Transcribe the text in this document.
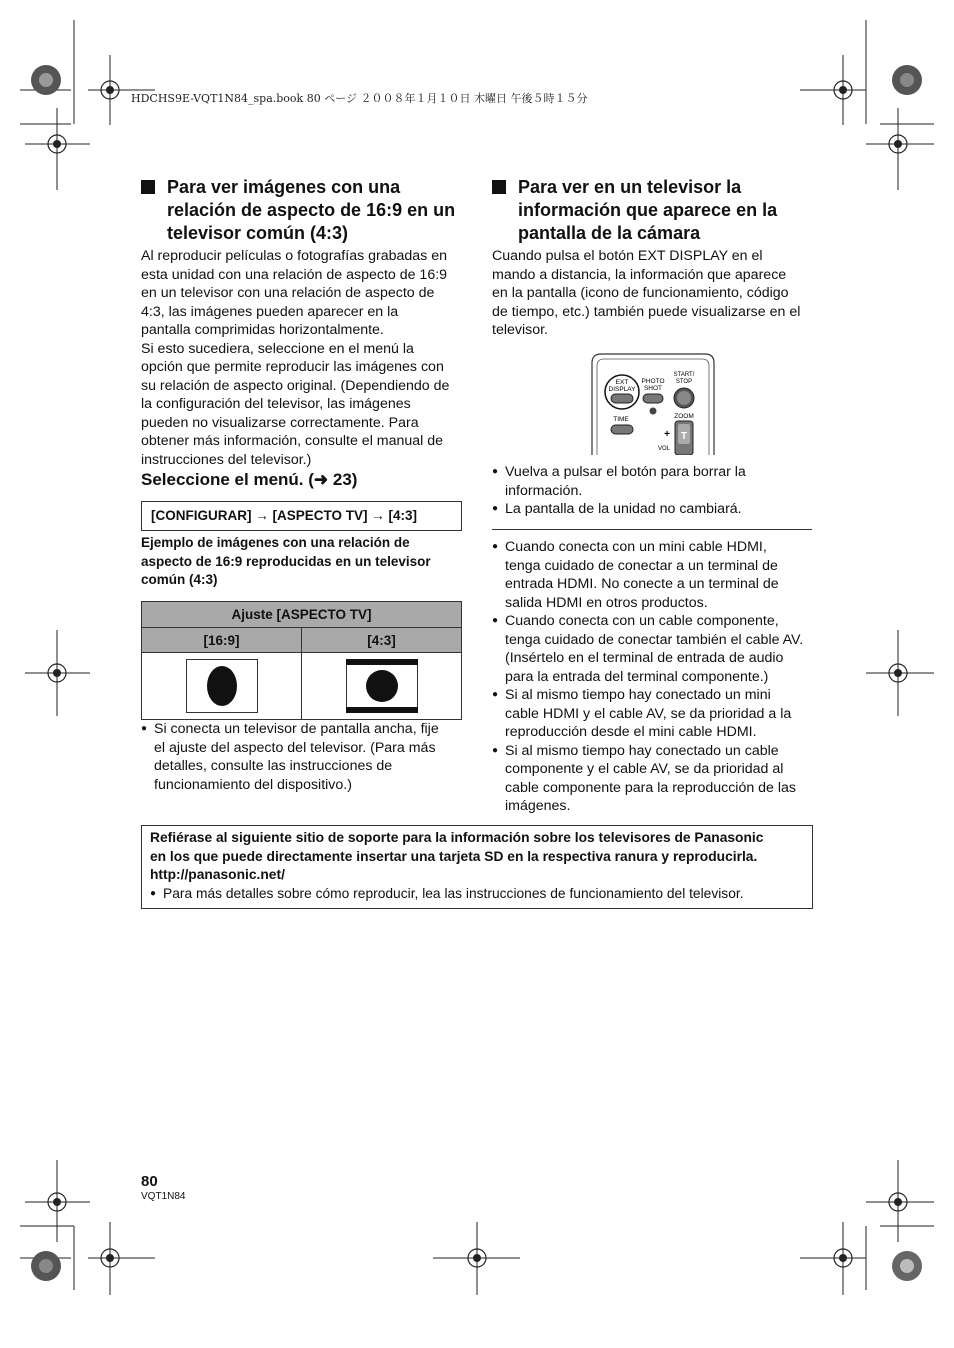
HDCHS9E-VQT1N84_spa.book 80 ページ ２００８年１月１０日 木曜日 午後５時１５分
Para ver imágenes con una
relación de aspecto de 16:9 en un
televisor común (4:3)
Al reproducir películas o fotografías grabadas en
esta unidad con una relación de aspecto de 16:9
en un televisor con una relación de aspecto de
4:3, las imágenes pueden aparecer en la
pantalla comprimidas horizontalmente.
Si esto sucediera, seleccione en el menú la
opción que permite reproducir las imágenes con
su relación de aspecto original. (Dependiendo de
la configuración del televisor, las imágenes
pueden no visualizarse correctamente. Para
obtener más información, consulte el manual de
instrucciones del televisor.)
Seleccione el menú. (➜ 23)
[CONFIGURAR] → [ASPECTO TV] → [4:3]
Ejemplo de imágenes con una relación de
aspecto de 16:9 reproducidas en un televisor
común (4:3)
Ajuste [ASPECTO TV]	
[16:9]	[4:3]

● Si conecta un televisor de pantalla ancha, fije
el ajuste del aspecto del televisor. (Para más
detalles, consulte las instrucciones de
funcionamiento del dispositivo.)
Para ver en un televisor la
información que aparece en la
pantalla de la cámara
Cuando pulsa el botón EXT DISPLAY en el
mando a distancia, la información que aparece
en la pantalla (icono de funcionamiento, código
de tiempo, etc.) también puede visualizarse en el
televisor.
EXT
DISPLAY
PHOTO
SHOT
START/
STOP
TIME	ZOOM
T
+
VOL
● Vuelva a pulsar el botón para borrar la
información.
● La pantalla de la unidad no cambiará.
● Cuando conecta con un mini cable HDMI,
tenga cuidado de conectar a un terminal de
entrada HDMI. No conecte a un terminal de
salida HDMI en otros productos.
● Cuando conecta con un cable componente,
tenga cuidado de conectar también el cable AV.
(Insértelo en el terminal de entrada de audio
para la entrada del terminal componente.)
● Si al mismo tiempo hay conectado un mini
cable HDMI y el cable AV, se da prioridad a la
reproducción desde el mini cable HDMI.
● Si al mismo tiempo hay conectado un cable
componente y el cable AV, se da prioridad al
cable componente para la reproducción de las
imágenes.
Refiérase al siguiente sitio de soporte para la información sobre los televisores de Panasonic
en los que puede directamente insertar una tarjeta SD en la respectiva ranura y reproducirla.
http://panasonic.net/
● Para más detalles sobre cómo reproducir, lea las instrucciones de funcionamiento del televisor.
80
VQT1N84
